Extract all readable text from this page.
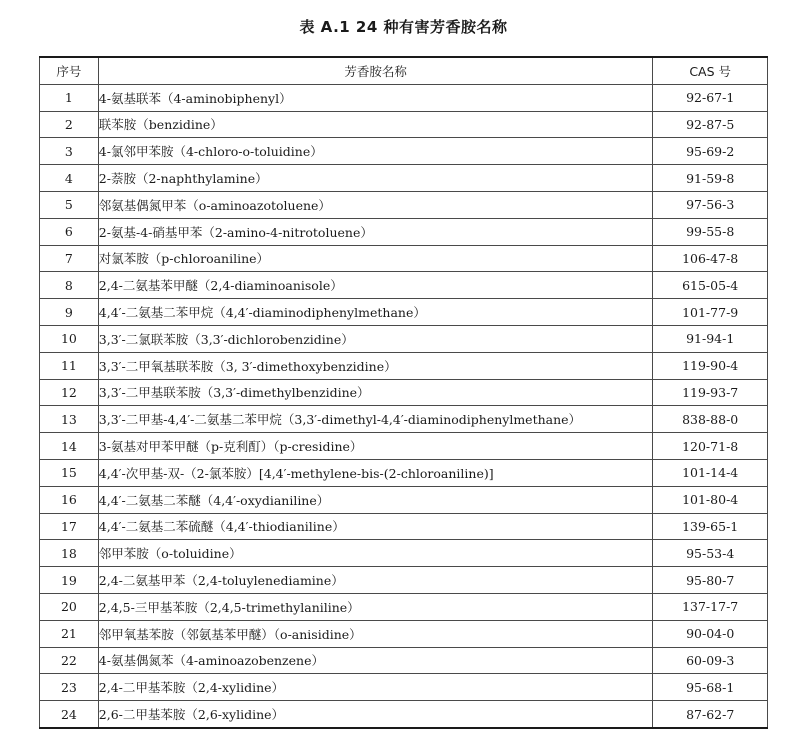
表 A.1 24 种有害芳香胺名称
序号	芳香胺名称	CAS 号
1	4-氨基联苯（4-aminobiphenyl）	92-67-1
2	联苯胺（benzidine）	92-87-5
3	4-氯邻甲苯胺（4-chloro-o-toluidine）	95-69-2
4	2-萘胺（2-naphthylamine）	91-59-8
5	邻氨基偶氮甲苯（o-aminoazotoluene）	97-56-3
6	2-氨基-4-硝基甲苯（2-amino-4-nitrotoluene）	99-55-8
7	对氯苯胺（p-chloroaniline）	106-47-8
8	2,4-二氨基苯甲醚（2,4-diaminoanisole）	615-05-4
9	4,4′-二氨基二苯甲烷（4,4′-diaminodiphenylmethane）	101-77-9
10	3,3′-二氯联苯胺（3,3′-dichlorobenzidine）	91-94-1
11	3,3′-二甲氧基联苯胺（3, 3′-dimethoxybenzidine）	119-90-4
12	3,3′-二甲基联苯胺（3,3′-dimethylbenzidine）	119-93-7
13	3,3′-二甲基-4,4′-二氨基二苯甲烷（3,3′-dimethyl-4,4′-diaminodiphenylmethane）	838-88-0
14	3-氨基对甲苯甲醚（p-克利酊）（p-cresidine）	120-71-8
15	4,4′-次甲基-双-（2-氯苯胺）[4,4′-methylene-bis-(2-chloroaniline)]	101-14-4
16	4,4′-二氨基二苯醚（4,4′-oxydianiline）	101-80-4
17	4,4′-二氨基二苯硫醚（4,4′-thiodianiline）	139-65-1
18	邻甲苯胺（o-toluidine）	95-53-4
19	2,4-二氨基甲苯（2,4-toluylenediamine）	95-80-7
20	2,4,5-三甲基苯胺（2,4,5-trimethylaniline）	137-17-7
21	邻甲氧基苯胺（邻氨基苯甲醚）（o-anisidine）	90-04-0
22	4-氨基偶氮苯（4-aminoazobenzene）	60-09-3
23	2,4-二甲基苯胺（2,4-xylidine）	95-68-1
24	2,6-二甲基苯胺（2,6-xylidine）	87-62-7
